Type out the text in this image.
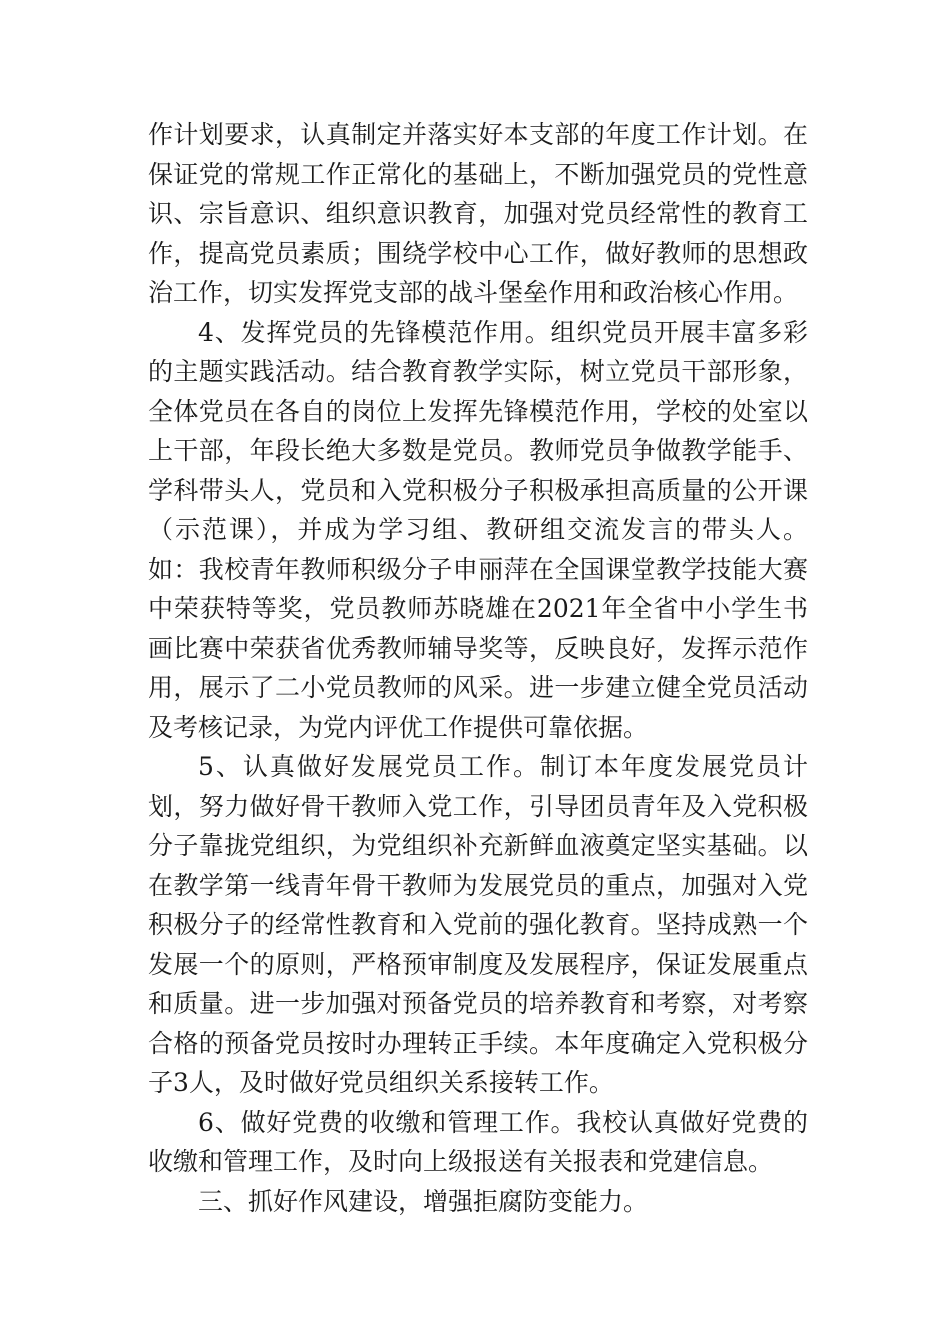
作计划要求，认真制定并落实好本支部的年度工作计划。在保证党的常规工作正常化的基础上，不断加强党员的党性意识、宗旨意识、组织意识教育，加强对党员经常性的教育工作，提高党员素质；围绕学校中心工作，做好教师的思想政治工作，切实发挥党支部的战斗堡垒作用和政治核心作用。

4、发挥党员的先锋模范作用。组织党员开展丰富多彩的主题实践活动。结合教育教学实际，树立党员干部形象，全体党员在各自的岗位上发挥先锋模范作用，学校的处室以上干部，年段长绝大多数是党员。教师党员争做教学能手、学科带头人，党员和入党积极分子积极承担高质量的公开课（示范课），并成为学习组、教研组交流发言的带头人。如：我校青年教师积级分子申丽萍在全国课堂教学技能大赛中荣获特等奖，党员教师苏晓雄在2021年全省中小学生书画比赛中荣获省优秀教师辅导奖等，反映良好，发挥示范作用，展示了二小党员教师的风采。进一步建立健全党员活动及考核记录，为党内评优工作提供可靠依据。

5、认真做好发展党员工作。制订本年度发展党员计划，努力做好骨干教师入党工作，引导团员青年及入党积极分子靠拢党组织，为党组织补充新鲜血液奠定坚实基础。以在教学第一线青年骨干教师为发展党员的重点，加强对入党积极分子的经常性教育和入党前的强化教育。坚持成熟一个发展一个的原则，严格预审制度及发展程序，保证发展重点和质量。进一步加强对预备党员的培养教育和考察，对考察合格的预备党员按时办理转正手续。本年度确定入党积极分子3人，及时做好党员组织关系接转工作。

6、做好党费的收缴和管理工作。我校认真做好党费的收缴和管理工作，及时向上级报送有关报表和党建信息。

三、抓好作风建设，增强拒腐防变能力。
